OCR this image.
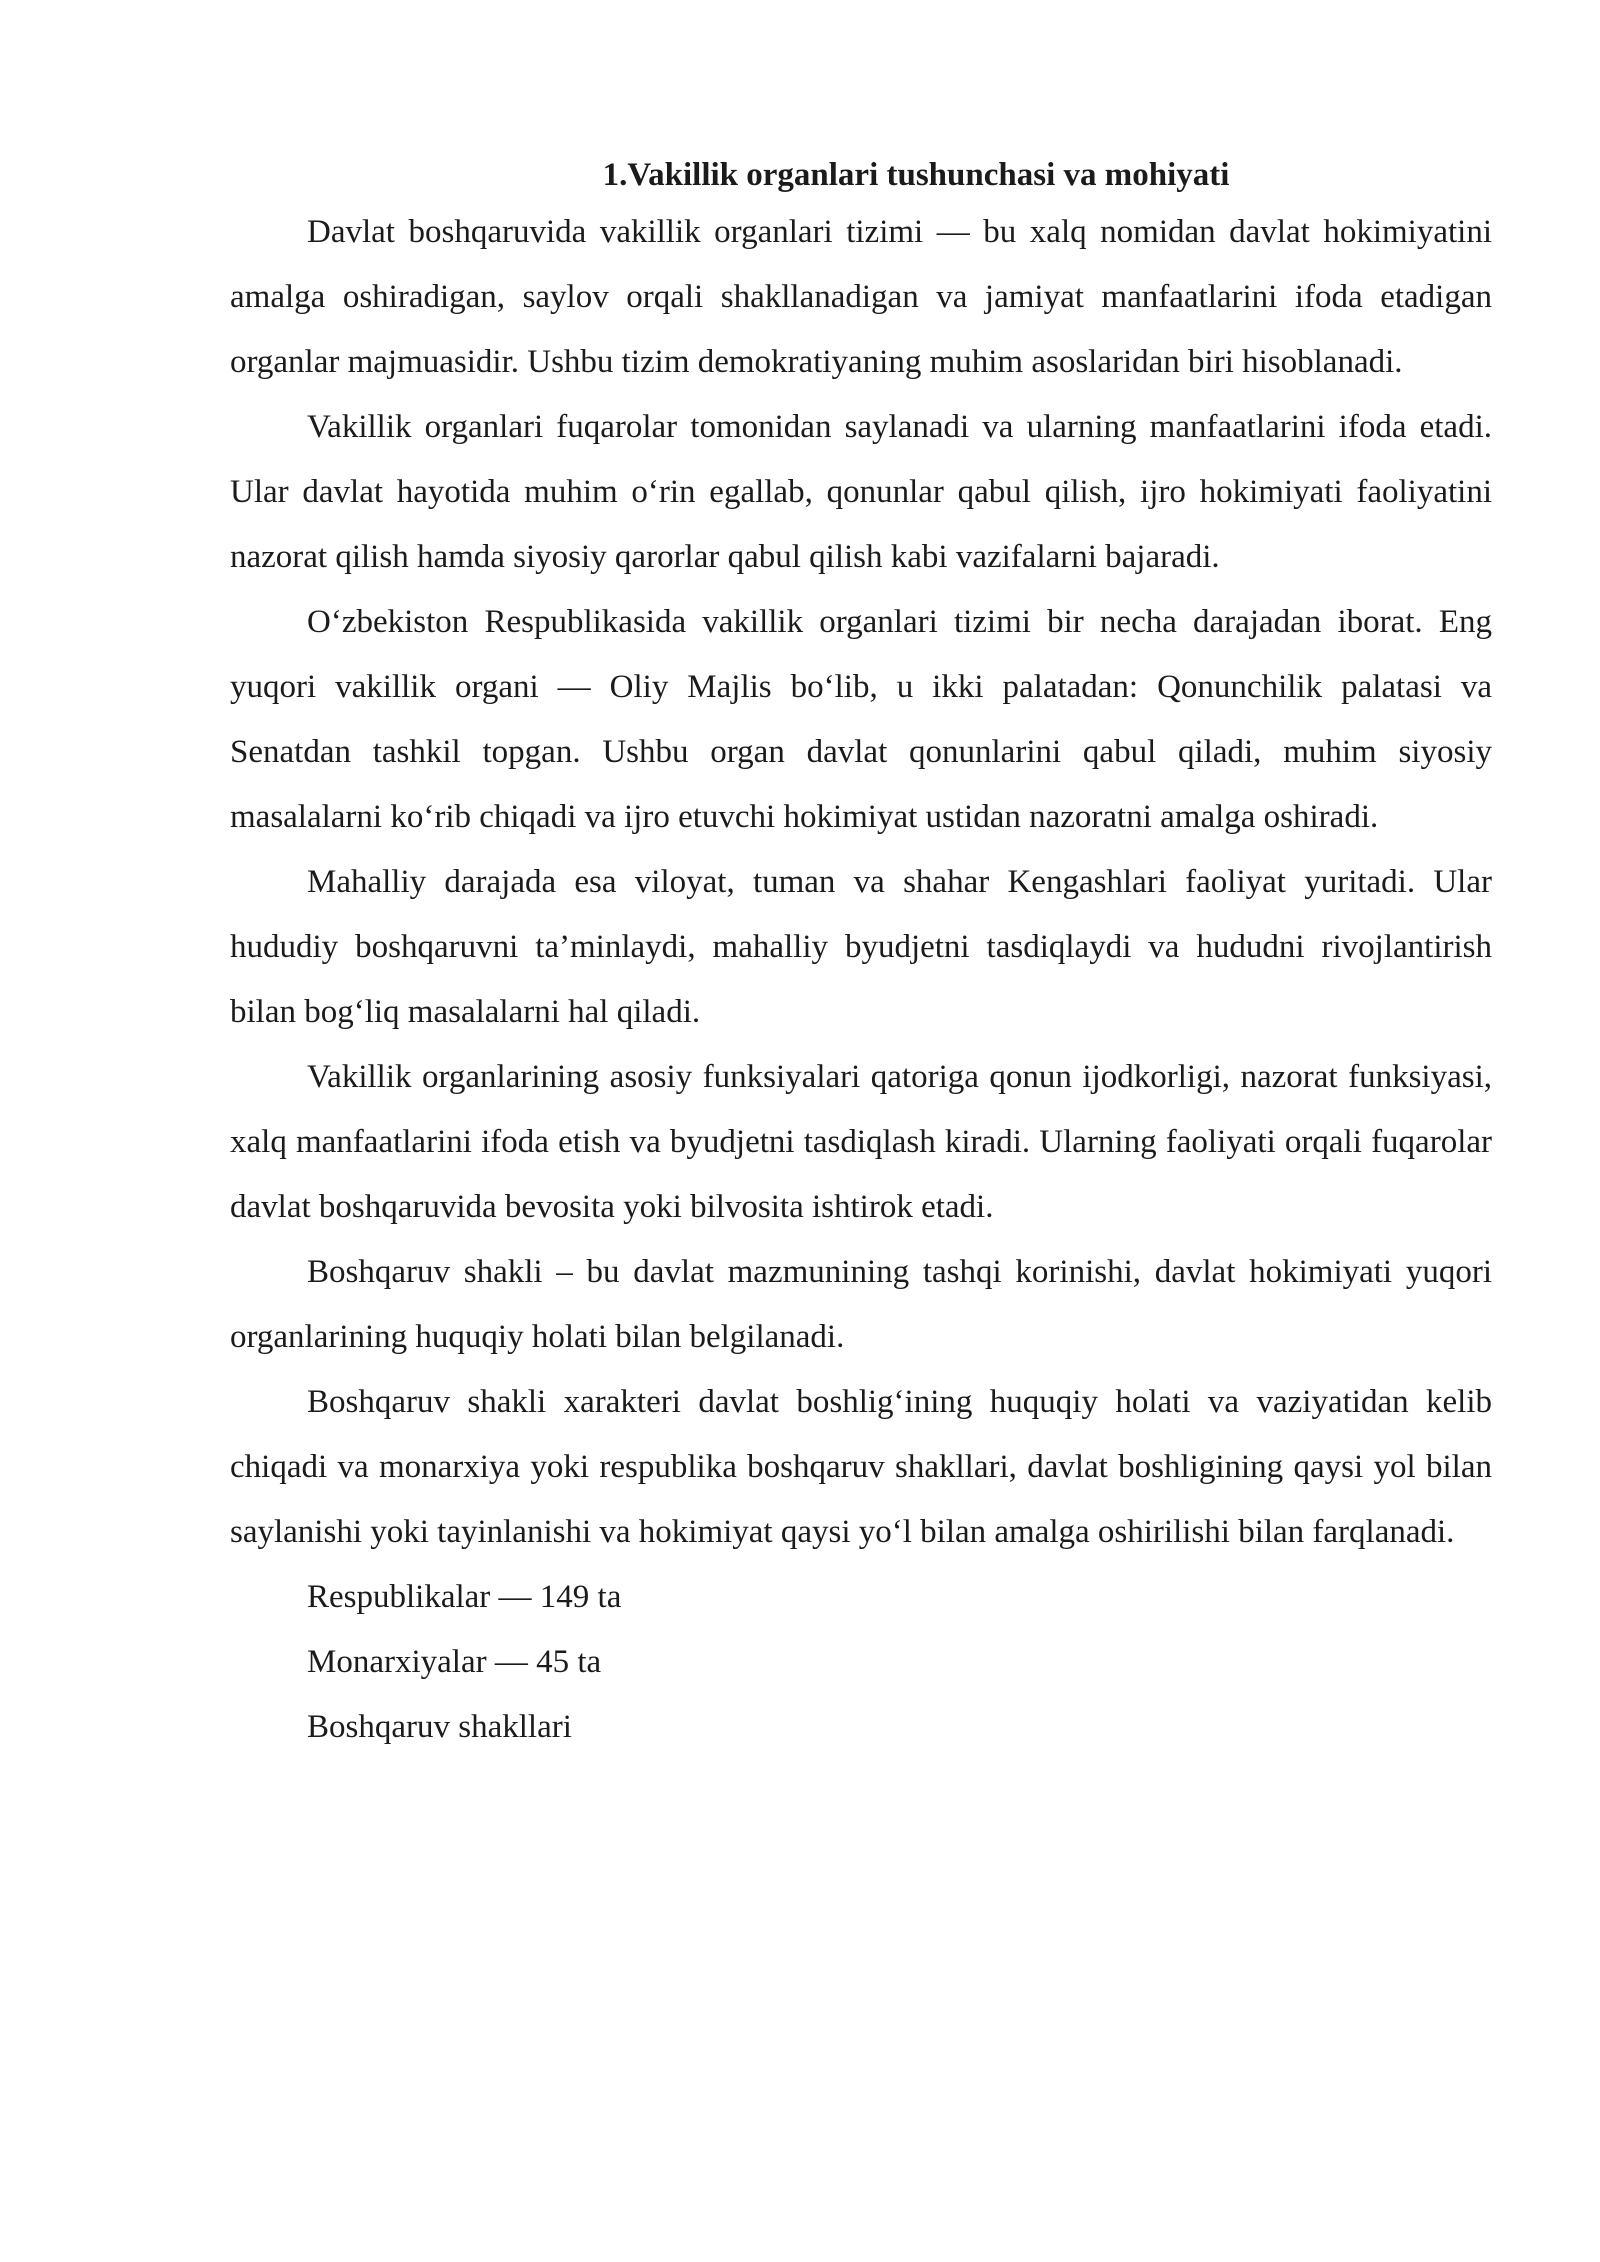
1.Vakillik organlari tushunchasi va mohiyati

Davlat boshqaruvida vakillik organlari tizimi — bu xalq nomidan davlat hokimiyatini amalga oshiradigan, saylov orqali shakllanadigan va jamiyat manfaatlarini ifoda etadigan organlar majmuasidir. Ushbu tizim demokratiyaning muhim asoslaridan biri hisoblanadi.

Vakillik organlari fuqarolar tomonidan saylanadi va ularning manfaatlarini ifoda etadi. Ular davlat hayotida muhim o‘rin egallab, qonunlar qabul qilish, ijro hokimiyati faoliyatini nazorat qilish hamda siyosiy qarorlar qabul qilish kabi vazifalarni bajaradi.

O‘zbekiston Respublikasida vakillik organlari tizimi bir necha darajadan iborat. Eng yuqori vakillik organi — Oliy Majlis bo‘lib, u ikki palatadan: Qonunchilik palatasi va Senatdan tashkil topgan. Ushbu organ davlat qonunlarini qabul qiladi, muhim siyosiy masalalarni ko‘rib chiqadi va ijro etuvchi hokimiyat ustidan nazoratni amalga oshiradi.

Mahalliy darajada esa viloyat, tuman va shahar Kengashlari faoliyat yuritadi. Ular hududiy boshqaruvni ta’minlaydi, mahalliy byudjetni tasdiqlaydi va hududni rivojlantirish bilan bog‘liq masalalarni hal qiladi.

Vakillik organlarining asosiy funksiyalari qatoriga qonun ijodkorligi, nazorat funksiyasi, xalq manfaatlarini ifoda etish va byudjetni tasdiqlash kiradi. Ularning faoliyati orqali fuqarolar davlat boshqaruvida bevosita yoki bilvosita ishtirok etadi.

Boshqaruv shakli – bu davlat mazmunining tashqi korinishi, davlat hokimiyati yuqori organlarining huquqiy holati bilan belgilanadi.

Boshqaruv shakli xarakteri davlat boshlig‘ining huquqiy holati va vaziyatidan kelib chiqadi va monarxiya yoki respublika boshqaruv shakllari, davlat boshligining qaysi yol bilan saylanishi yoki tayinlanishi va hokimiyat qaysi yo‘l bilan amalga oshirilishi bilan farqlanadi.

Respublikalar — 149 ta

Monarxiyalar — 45 ta

Boshqaruv shakllari
